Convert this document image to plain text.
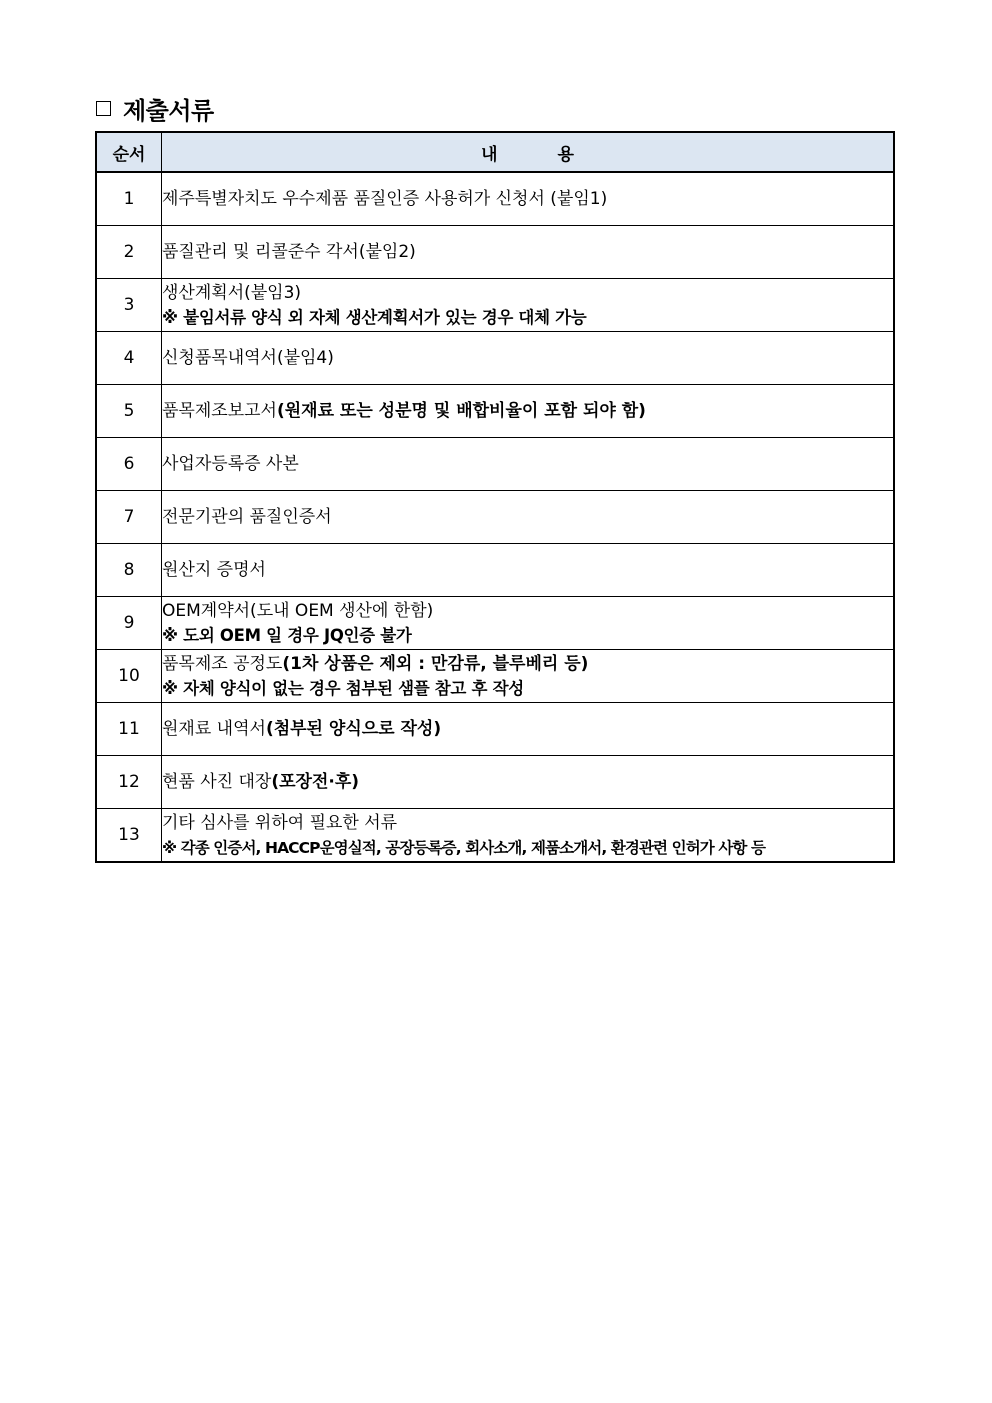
제출서류
순서	내 용
1	제주특별자치도 우수제품 품질인증 사용허가 신청서 (붙임1)

2	품질관리 및 리콜준수 각서(붙임2)

3	생산계획서(붙임3)
※ 붙임서류 양식 외 자체 생산계획서가 있는 경우 대체 가능

4	신청품목내역서(붙임4)

5	품목제조보고서(원재료 또는 성분명 및 배합비율이 포함 되야 함)

6	사업자등록증 사본

7	전문기관의 품질인증서

8	원산지 증명서

9	OEM계약서(도내 OEM 생산에 한함)
※ 도외 OEM 일 경우 JQ인증 불가

10	품목제조 공정도(1차 상품은 제외 : 만감류, 블루베리 등)
※ 자체 양식이 없는 경우 첨부된 샘플 참고 후 작성

11	원재료 내역서(첨부된 양식으로 작성)

12	현품 사진 대장(포장전·후)

13	기타 심사를 위하여 필요한 서류
※ 각종 인증서, HACCP운영실적, 공장등록증, 회사소개, 제품소개서, 환경관련 인허가 사항 등
